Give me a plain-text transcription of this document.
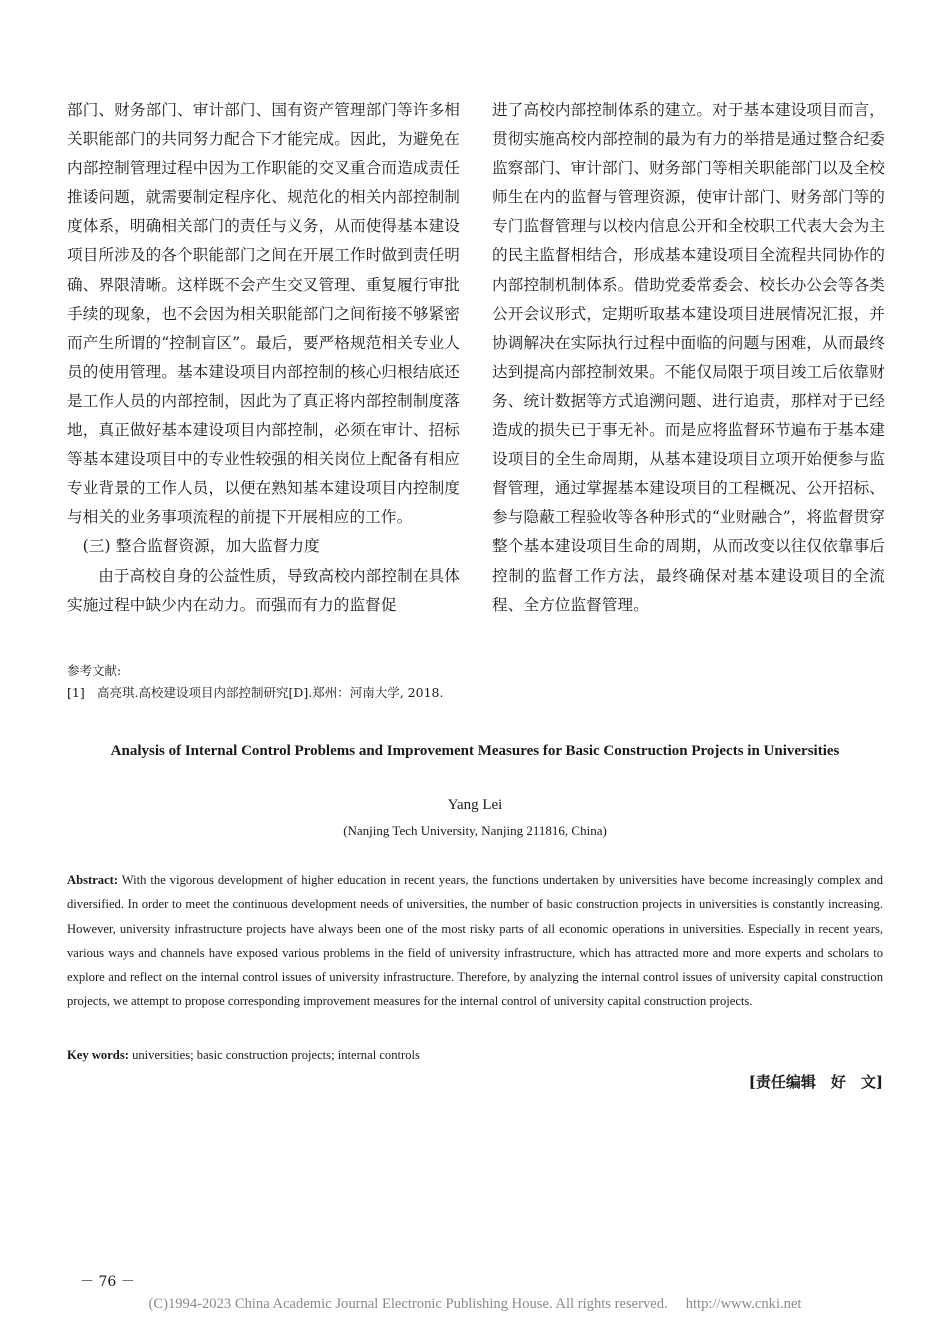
部门、财务部门、审计部门、国有资产管理部门等许多相关职能部门的共同努力配合下才能完成。因此，为避免在内部控制管理过程中因为工作职能的交叉重合而造成责任推诿问题，就需要制定程序化、规范化的相关内部控制制度体系，明确相关部门的责任与义务，从而使得基本建设项目所涉及的各个职能部门之间在开展工作时做到责任明确、界限清晰。这样既不会产生交叉管理、重复履行审批手续的现象，也不会因为相关职能部门之间衔接不够紧密而产生所谓的“控制盲区”。最后，要严格规范相关专业人员的使用管理。基本建设项目内部控制的核心归根结底还是工作人员的内部控制，因此为了真正将内部控制制度落地，真正做好基本建设项目内部控制，必须在审计、招标等基本建设项目中的专业性较强的相关岗位上配备有相应专业背景的工作人员，以便在熟知基本建设项目内控制度与相关的业务事项流程的前提下开展相应的工作。

(三) 整合监督资源，加大监督力度

由于高校自身的公益性质，导致高校内部控制在具体实施过程中缺少内在动力。而强而有力的监督促

进了高校内部控制体系的建立。对于基本建设项目而言，贯彻实施高校内部控制的最为有力的举措是通过整合纪委监察部门、审计部门、财务部门等相关职能部门以及全校师生在内的监督与管理资源，使审计部门、财务部门等的专门监督管理与以校内信息公开和全校职工代表大会为主的民主监督相结合，形成基本建设项目全流程共同协作的内部控制机制体系。借助党委常委会、校长办公会等各类公开会议形式，定期听取基本建设项目进展情况汇报，并协调解决在实际执行过程中面临的问题与困难，从而最终达到提高内部控制效果。不能仅局限于项目竣工后依靠财务、统计数据等方式追溯问题、进行追责，那样对于已经造成的损失已于事无补。而是应将监督环节遍布于基本建设项目的全生命周期，从基本建设项目立项开始便参与监督管理，通过掌握基本建设项目的工程概况、公开招标、参与隐蔽工程验收等各种形式的“业财融合”，将监督贯穿整个基本建设项目生命的周期，从而改变以往仅依靠事后控制的监督工作方法，最终确保对基本建设项目的全流程、全方位监督管理。

参考文献:
[1] 高亮琪.高校建设项目内部控制研究[D].郑州：河南大学, 2018.
Analysis of Internal Control Problems and Improvement Measures for Basic Construction Projects in Universities
Yang Lei
(Nanjing Tech University, Nanjing 211816, China)
Abstract: With the vigorous development of higher education in recent years, the functions undertaken by universities have become increasingly complex and diversified. In order to meet the continuous development needs of universities, the number of basic construction projects in universities is constantly increasing. However, university infrastructure projects have always been one of the most risky parts of all economic operations in universities. Especially in recent years, various ways and channels have exposed various problems in the field of university infrastructure, which has attracted more and more experts and scholars to explore and reflect on the internal control issues of university infrastructure. Therefore, by analyzing the internal control issues of university capital construction projects, we attempt to propose corresponding improvement measures for the internal control of university capital construction projects.
Key words: universities; basic construction projects; internal controls
[责任编辑　好　文]
－ 76 －
(C)1994-2023 China Academic Journal Electronic Publishing House. All rights reserved. http://www.cnki.net
